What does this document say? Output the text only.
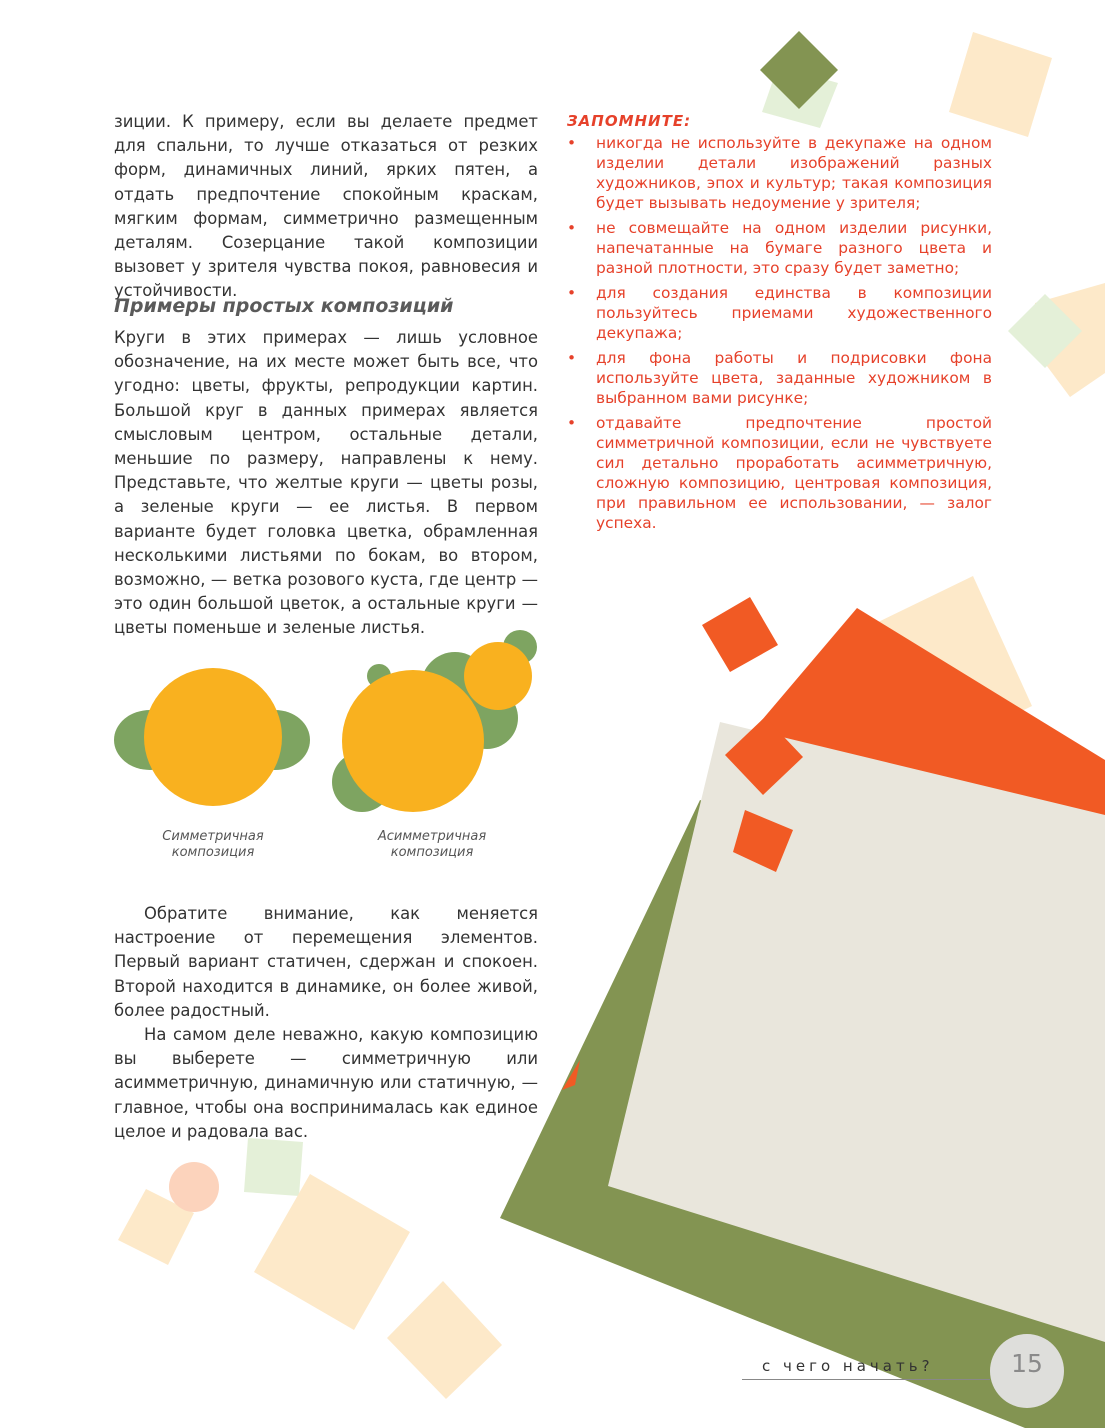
зиции. К примеру, если вы делаете предмет для спальни, то лучше отказаться от резких форм, динамичных линий, ярких пятен, а отдать предпочтение спокойным краскам, мягким формам, симметрично размещенным деталям. Созерцание такой композиции вызовет у зрителя чувства покоя, равновесия и устойчивости.

Примеры простых композиций

Круги в этих примерах — лишь условное обозначение, на их месте может быть все, что угодно: цветы, фрукты, репродукции картин. Большой круг в данных примерах является смысловым центром, остальные детали, меньшие по размеру, направлены к нему. Представьте, что желтые круги — цветы розы, а зеленые круги — ее листья. В первом варианте будет головка цветка, обрамленная несколькими листьями по бокам, во втором, возможно, — ветка розового куста, где центр — это один большой цветок, а остальные круги — цветы поменьше и зеленые листья.

Симметричная
композиция
Асимметричная
композиция

Обратите внимание, как меняется настроение от перемещения элементов. Первый вариант статичен, сдержан и спокоен. Второй находится в динамике, он более живой, более радостный.

На самом деле неважно, какую композицию вы выберете — симметричную или асимметричную, динамичную или статичную, — главное, чтобы она воспринималась как единое целое и радовала вас.

ЗАПОМНИТЕ:
• никогда не используйте в декупаже на одном изделии детали изображений разных художников, эпох и культур; такая композиция будет вызывать недоумение у зрителя;
• не совмещайте на одном изделии рисунки, напечатанные на бумаге разного цвета и разной плотности, это сразу будет заметно;
• для создания единства в композиции пользуйтесь приемами художественного декупажа;
• для фона работы и подрисовки фона используйте цвета, заданные художником в выбранном вами рисунке;
• отдавайте предпочтение простой симметричной композиции, если не чувствуете сил детально проработать асимметричную, сложную композицию, центровая композиция, при правильном ее использовании, — залог успеха.
с чего начать?	15
